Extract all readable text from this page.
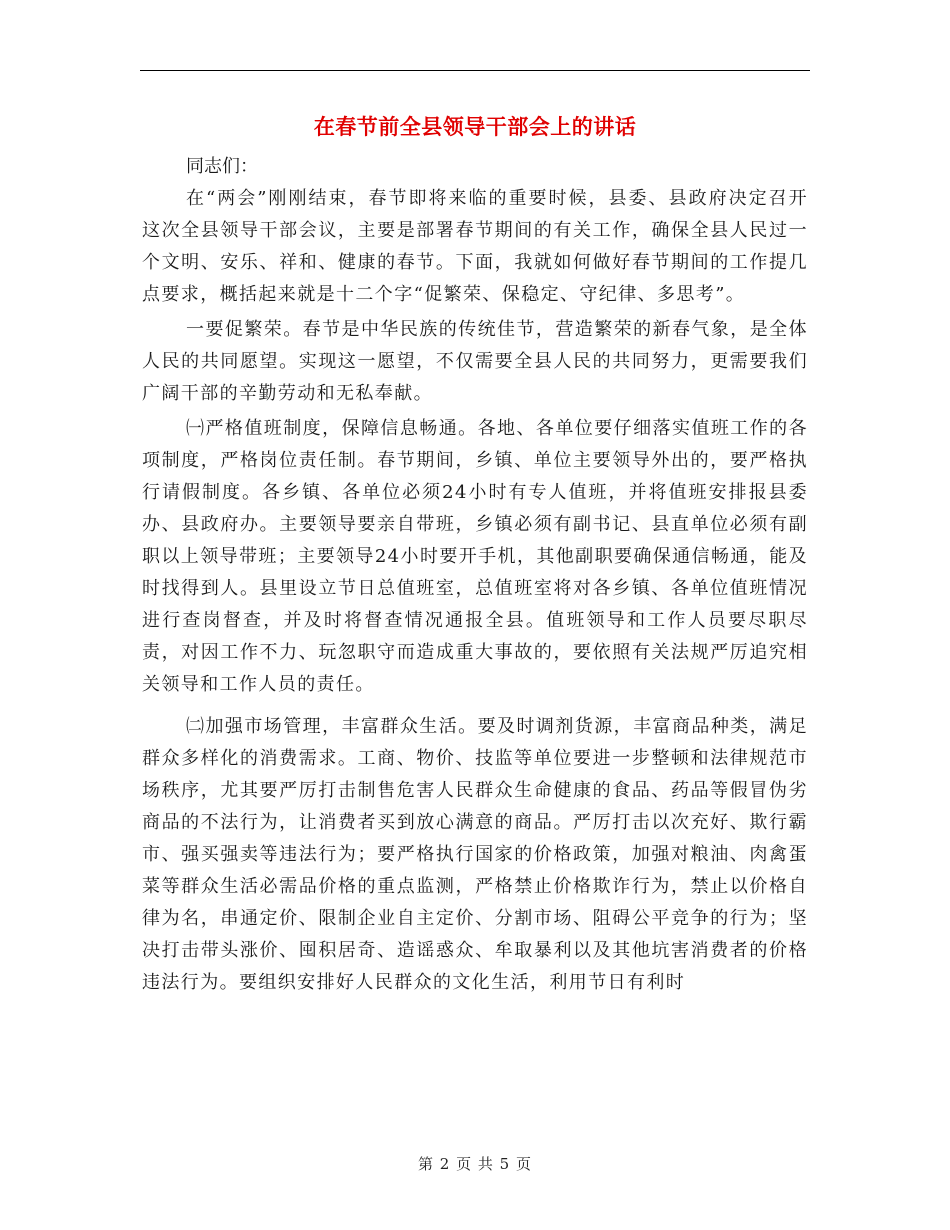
在春节前全县领导干部会上的讲话

同志们：

在“两会”刚刚结束，春节即将来临的重要时候，县委、县政府决定召开这次全县领导干部会议，主要是部署春节期间的有关工作，确保全县人民过一个文明、安乐、祥和、健康的春节。下面，我就如何做好春节期间的工作提几点要求，概括起来就是十二个字“促繁荣、保稳定、守纪律、多思考”。

一要促繁荣。春节是中华民族的传统佳节，营造繁荣的新春气象，是全体人民的共同愿望。实现这一愿望，不仅需要全县人民的共同努力，更需要我们广阔干部的辛勤劳动和无私奉献。

㈠严格值班制度，保障信息畅通。各地、各单位要仔细落实值班工作的各项制度，严格岗位责任制。春节期间，乡镇、单位主要领导外出的，要严格执行请假制度。各乡镇、各单位必须24小时有专人值班，并将值班安排报县委办、县政府办。主要领导要亲自带班，乡镇必须有副书记、县直单位必须有副职以上领导带班；主要领导24小时要开手机，其他副职要确保通信畅通，能及时找得到人。县里设立节日总值班室，总值班室将对各乡镇、各单位值班情况进行查岗督查，并及时将督查情况通报全县。值班领导和工作人员要尽职尽责，对因工作不力、玩忽职守而造成重大事故的，要依照有关法规严厉追究相关领导和工作人员的责任。

㈡加强市场管理，丰富群众生活。要及时调剂货源，丰富商品种类，满足群众多样化的消费需求。工商、物价、技监等单位要进一步整顿和法律规范市场秩序，尤其要严厉打击制售危害人民群众生命健康的食品、药品等假冒伪劣商品的不法行为，让消费者买到放心满意的商品。严厉打击以次充好、欺行霸市、强买强卖等违法行为；要严格执行国家的价格政策，加强对粮油、肉禽蛋菜等群众生活必需品价格的重点监测，严格禁止价格欺诈行为，禁止以价格自律为名，串通定价、限制企业自主定价、分割市场、阻碍公平竞争的行为；坚决打击带头涨价、囤积居奇、造谣惑众、牟取暴利以及其他坑害消费者的价格违法行为。要组织安排好人民群众的文化生活，利用节日有利时

第 2 页 共 5 页
